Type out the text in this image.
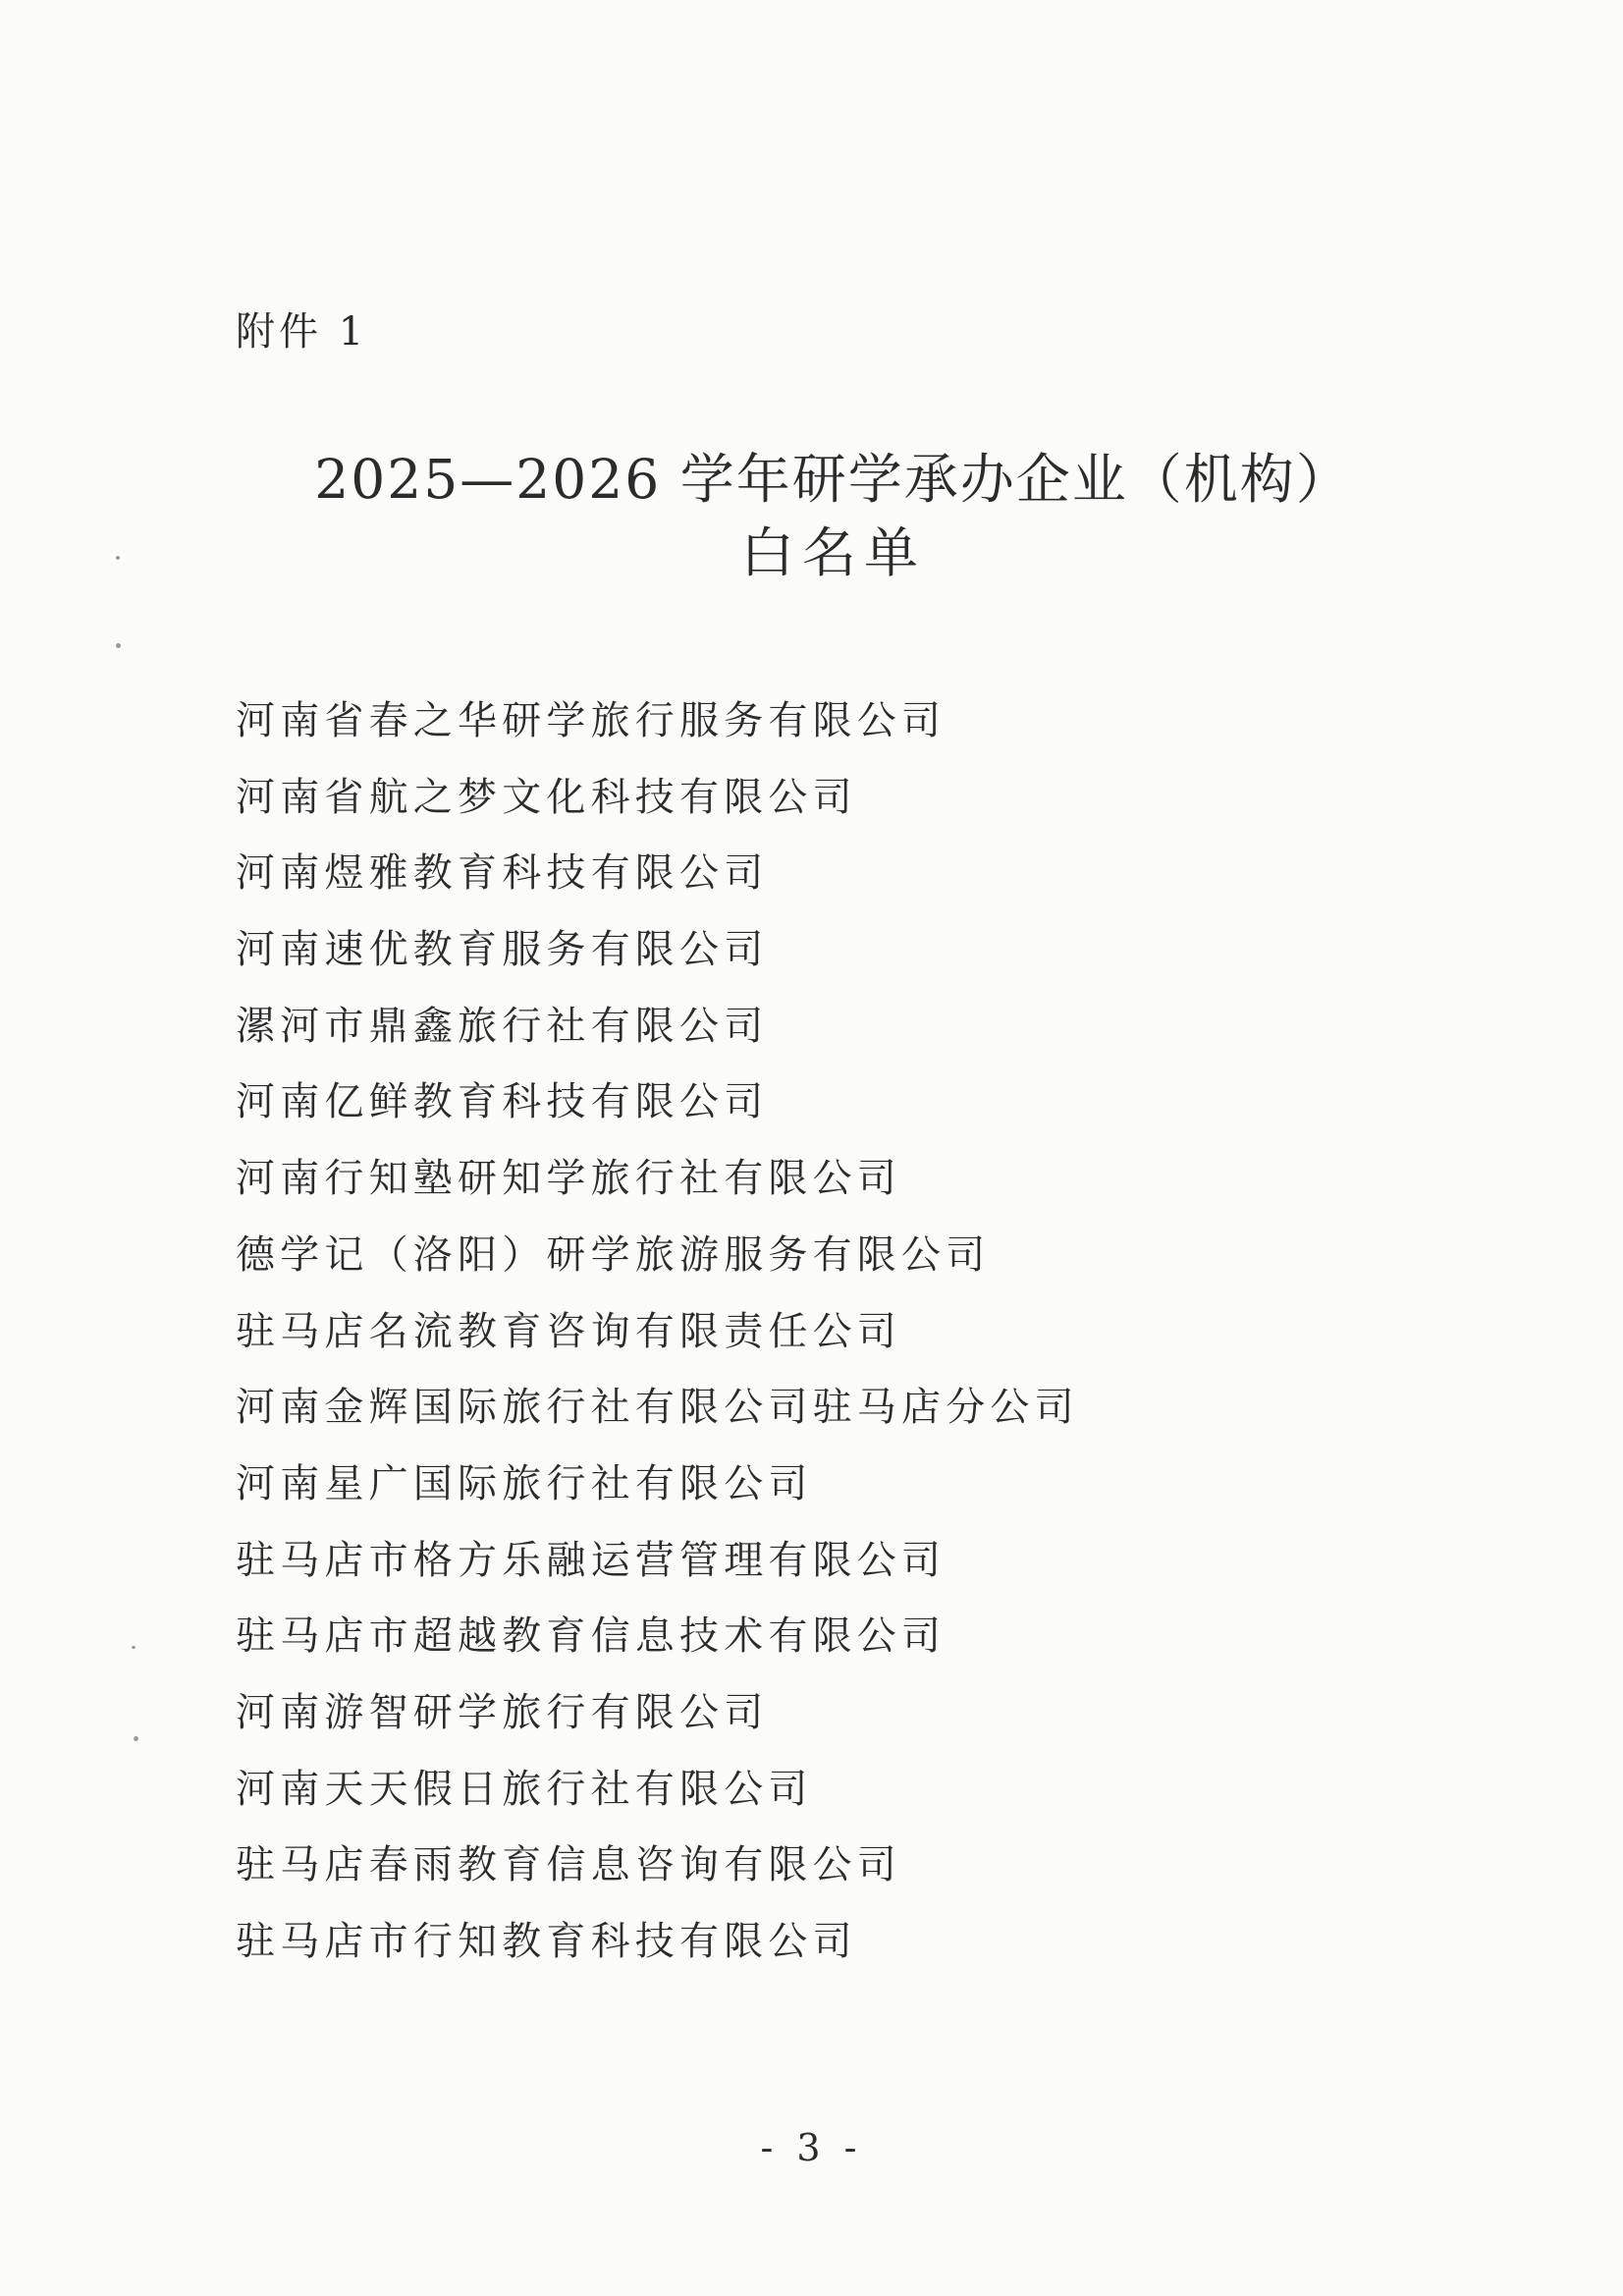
附件 1
2025—2026 学年研学承办企业（机构）
白名单
河南省春之华研学旅行服务有限公司
河南省航之梦文化科技有限公司
河南煜雅教育科技有限公司
河南速优教育服务有限公司
漯河市鼎鑫旅行社有限公司
河南亿鲜教育科技有限公司
河南行知塾研知学旅行社有限公司
德学记（洛阳）研学旅游服务有限公司
驻马店名流教育咨询有限责任公司
河南金辉国际旅行社有限公司驻马店分公司
河南星广国际旅行社有限公司
驻马店市格方乐融运营管理有限公司
驻马店市超越教育信息技术有限公司
河南游智研学旅行有限公司
河南天天假日旅行社有限公司
驻马店春雨教育信息咨询有限公司
驻马店市行知教育科技有限公司
- 3 -
